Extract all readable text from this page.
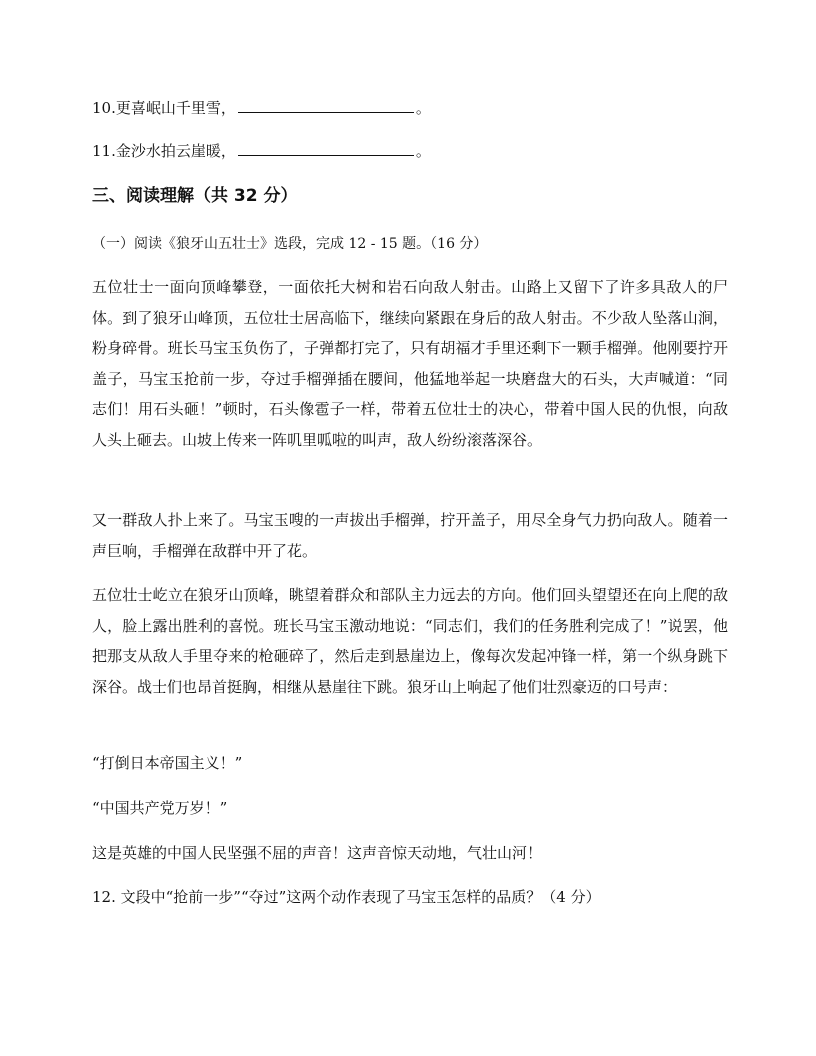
10.更喜岷山千里雪，	。
11.金沙水拍云崖暖，	。
三、阅读理解（共 32 分）
（一）阅读《狼牙山五壮士》选段，完成 12 - 15 题。（16 分）
五位壮士一面向顶峰攀登，一面依托大树和岩石向敌人射击。山路上又留下了许多具敌人的尸体。到了狼牙山峰顶，五位壮士居高临下，继续向紧跟在身后的敌人射击。不少敌人坠落山涧，粉身碎骨。班长马宝玉负伤了，子弹都打完了，只有胡福才手里还剩下一颗手榴弹。他刚要拧开盖子，马宝玉抢前一步，夺过手榴弹插在腰间，他猛地举起一块磨盘大的石头，大声喊道：“同志们！用石头砸！”顿时，石头像雹子一样，带着五位壮士的决心，带着中国人民的仇恨，向敌人头上砸去。山坡上传来一阵叽里呱啦的叫声，敌人纷纷滚落深谷。
又一群敌人扑上来了。马宝玉嗖的一声拔出手榴弹，拧开盖子，用尽全身气力扔向敌人。随着一声巨响，手榴弹在敌群中开了花。
五位壮士屹立在狼牙山顶峰，眺望着群众和部队主力远去的方向。他们回头望望还在向上爬的敌人，脸上露出胜利的喜悦。班长马宝玉激动地说：“同志们，我们的任务胜利完成了！”说罢，他把那支从敌人手里夺来的枪砸碎了，然后走到悬崖边上，像每次发起冲锋一样，第一个纵身跳下深谷。战士们也昂首挺胸，相继从悬崖往下跳。狼牙山上响起了他们壮烈豪迈的口号声：
“打倒日本帝国主义！”
“中国共产党万岁！”
这是英雄的中国人民坚强不屈的声音！这声音惊天动地，气壮山河！
12. 文段中“抢前一步”“夺过”这两个动作表现了马宝玉怎样的品质？（4 分）
